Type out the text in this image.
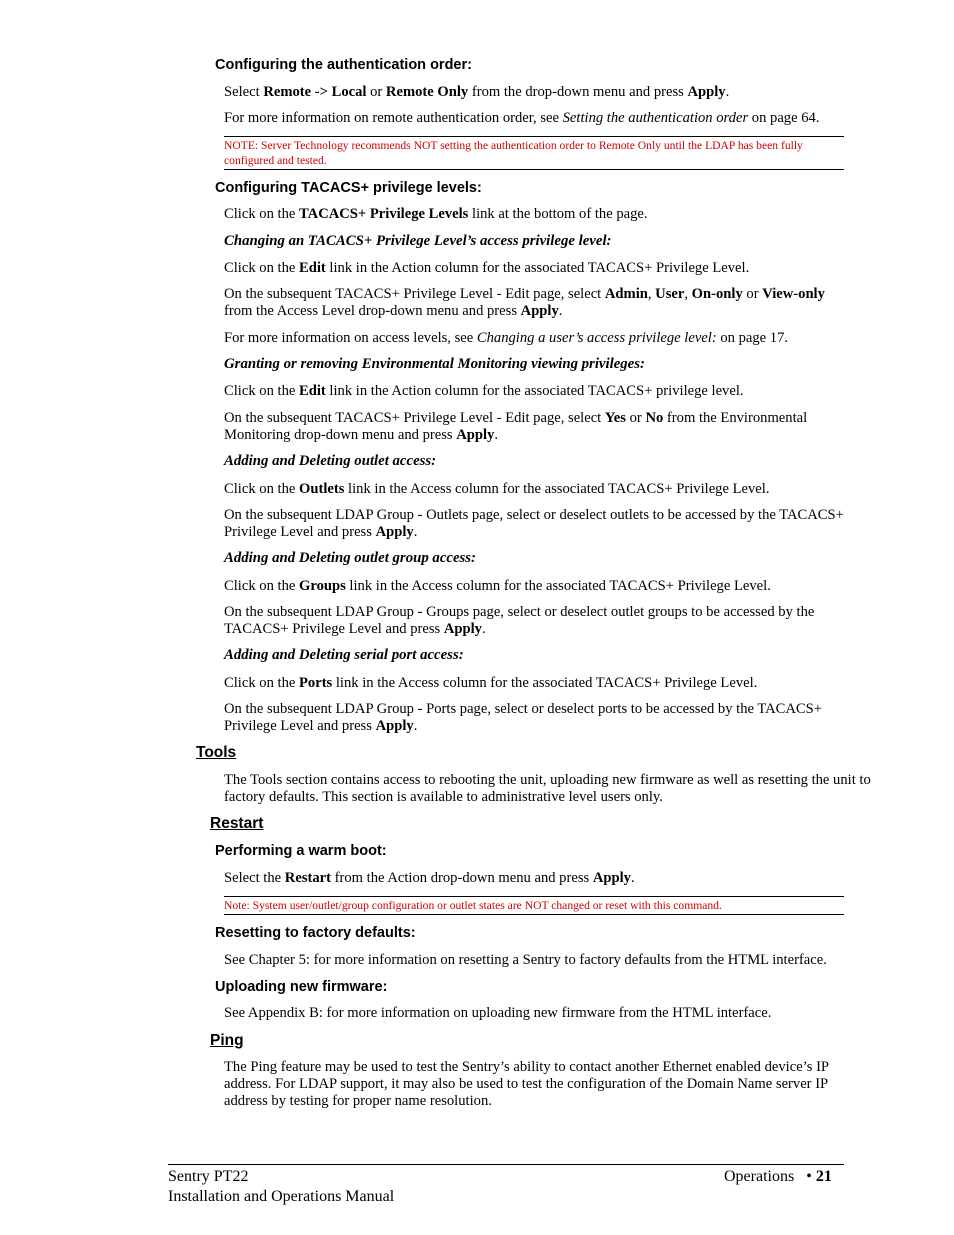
Configuring the authentication order:
Select Remote -> Local or Remote Only from the drop-down menu and press Apply.
For more information on remote authentication order, see Setting the authentication order on page 64.
NOTE: Server Technology recommends NOT setting the authentication order to Remote Only until the LDAP has been fully configured and tested.
Configuring TACACS+ privilege levels:
Click on the TACACS+ Privilege Levels link at the bottom of the page.
Changing an TACACS+ Privilege Level’s access privilege level:
Click on the Edit link in the Action column for the associated TACACS+ Privilege Level.
On the subsequent TACACS+ Privilege Level - Edit page, select Admin, User, On-only or View-only from the Access Level drop-down menu and press Apply.
For more information on access levels, see Changing a user’s access privilege level: on page 17.
Granting or removing Environmental Monitoring viewing privileges:
Click on the Edit link in the Action column for the associated TACACS+ privilege level.
On the subsequent TACACS+ Privilege Level - Edit page, select Yes or No from the Environmental Monitoring drop-down menu and press Apply.
Adding and Deleting outlet access:
Click on the Outlets link in the Access column for the associated TACACS+ Privilege Level.
On the subsequent LDAP Group - Outlets page, select or deselect outlets to be accessed by the TACACS+ Privilege Level and press Apply.
Adding and Deleting outlet group access:
Click on the Groups link in the Access column for the associated TACACS+ Privilege Level.
On the subsequent LDAP Group - Groups page, select or deselect outlet groups to be accessed by the TACACS+ Privilege Level and press Apply.
Adding and Deleting serial port access:
Click on the Ports link in the Access column for the associated TACACS+ Privilege Level.
On the subsequent LDAP Group - Ports page, select or deselect ports to be accessed by the TACACS+ Privilege Level and press Apply.
Tools
The Tools section contains access to rebooting the unit, uploading new firmware as well as resetting the unit to factory defaults. This section is available to administrative level users only.
Restart
Performing a warm boot:
Select the Restart from the Action drop-down menu and press Apply.
Note: System user/outlet/group configuration or outlet states are NOT changed or reset with this command.
Resetting to factory defaults:
See Chapter 5: for more information on resetting a Sentry to factory defaults from the HTML interface.
Uploading new firmware:
See Appendix B: for more information on uploading new firmware from the HTML interface.
Ping
The Ping feature may be used to test the Sentry’s ability to contact another Ethernet enabled device’s IP address. For LDAP support, it may also be used to test the configuration of the Domain Name server IP address by testing for proper name resolution.
Sentry PT22
Installation and Operations Manual
Operations • 21
